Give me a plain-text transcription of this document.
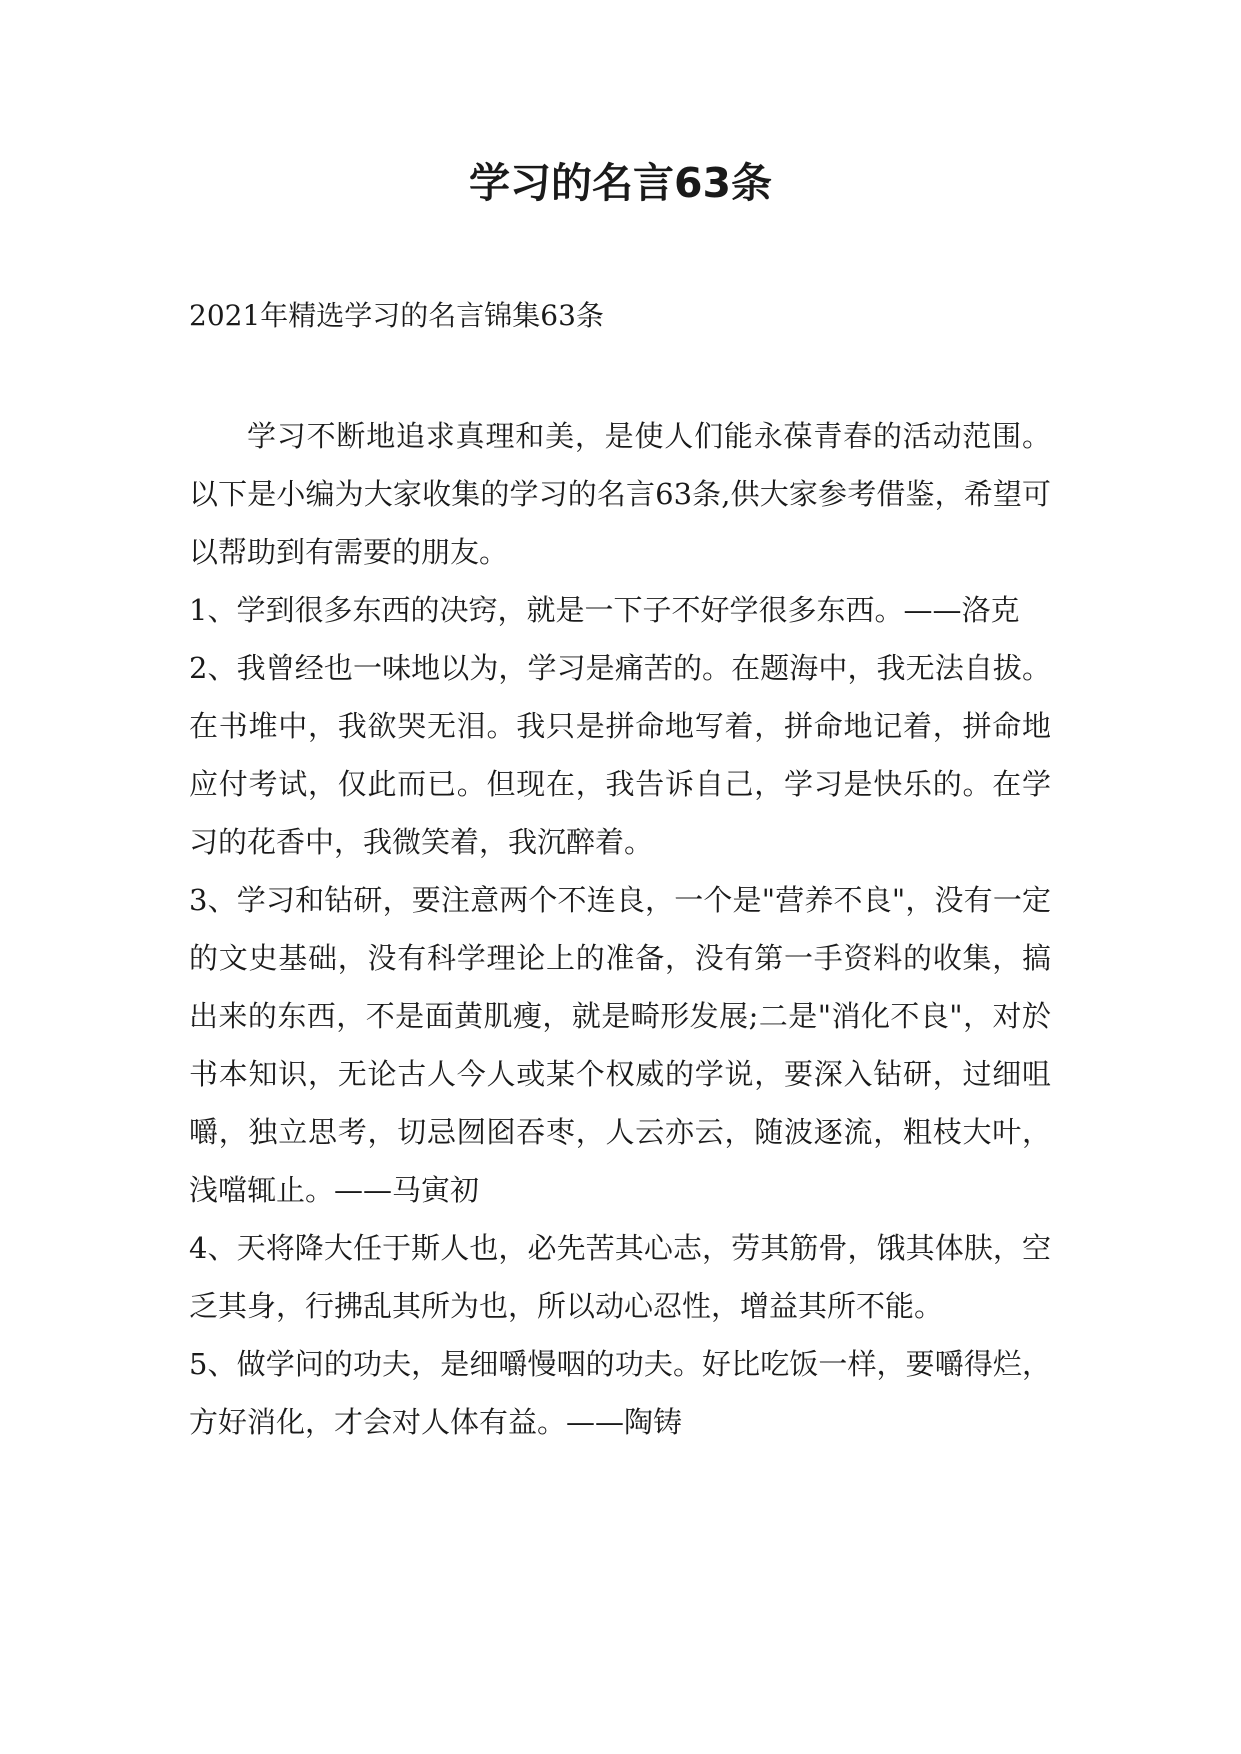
学习的名言63条

2021年精选学习的名言锦集63条

学习不断地追求真理和美，是使人们能永葆青春的活动范围。以下是小编为大家收集的学习的名言63条,供大家参考借鉴，希望可以帮助到有需要的朋友。

1、学到很多东西的决窍，就是一下子不好学很多东西。——洛克

2、我曾经也一味地以为，学习是痛苦的。在题海中，我无法自拔。在书堆中，我欲哭无泪。我只是拼命地写着，拼命地记着，拼命地应付考试，仅此而已。但现在，我告诉自己，学习是快乐的。在学习的花香中，我微笑着，我沉醉着。

3、学习和钻研，要注意两个不连良，一个是"营养不良"，没有一定的文史基础，没有科学理论上的准备，没有第一手资料的收集，搞出来的东西，不是面黄肌瘦，就是畸形发展;二是"消化不良"，对於书本知识，无论古人今人或某个权威的学说，要深入钻研，过细咀嚼，独立思考，切忌囫囵吞枣，人云亦云，随波逐流，粗枝大叶，浅噹辄止。——马寅初

4、天将降大任于斯人也，必先苦其心志，劳其筋骨，饿其体肤，空乏其身，行拂乱其所为也，所以动心忍性，增益其所不能。

5、做学问的功夫，是细嚼慢咽的功夫。好比吃饭一样，要嚼得烂，方好消化，才会对人体有益。——陶铸
